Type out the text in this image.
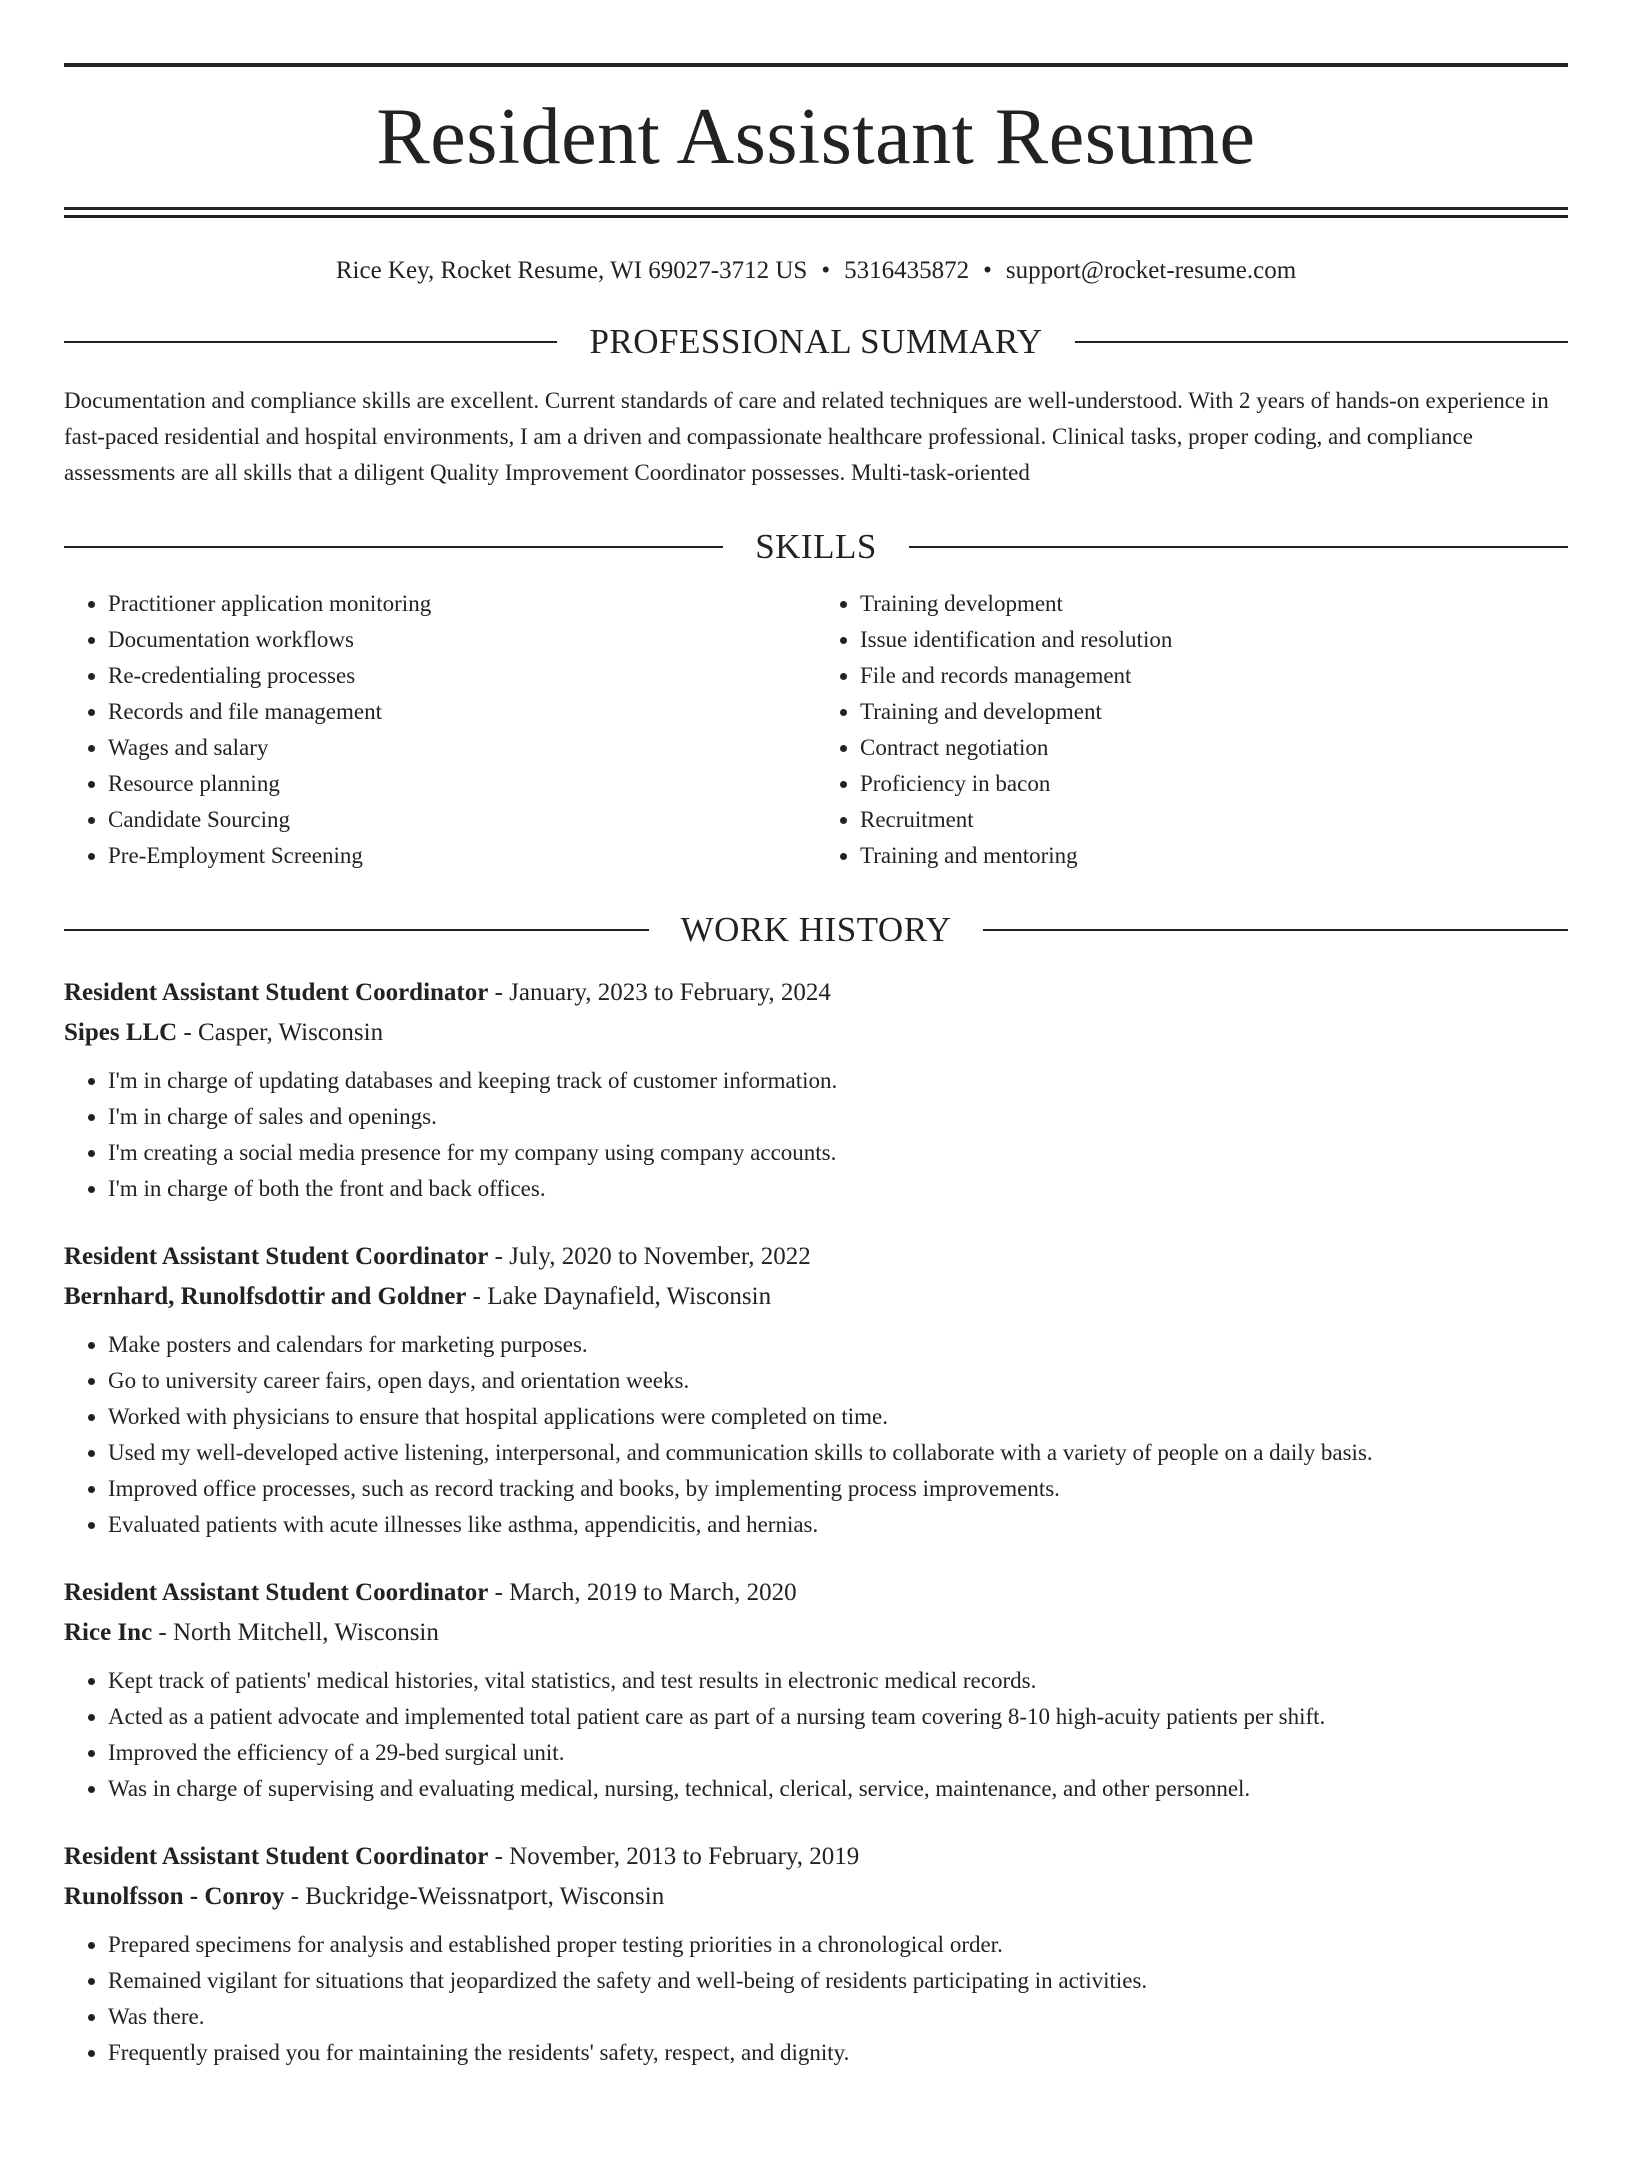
Resident Assistant Resume
Rice Key, Rocket Resume, WI 69027-3712 US • 5316435872 • support@rocket-resume.com
PROFESSIONAL SUMMARY
Documentation and compliance skills are excellent. Current standards of care and related techniques are well-understood. With 2 years of hands-on experience in fast-paced residential and hospital environments, I am a driven and compassionate healthcare professional. Clinical tasks, proper coding, and compliance assessments are all skills that a diligent Quality Improvement Coordinator possesses. Multi-task-oriented
SKILLS
• Practitioner application monitoring
• Documentation workflows
• Re-credentialing processes
• Records and file management
• Wages and salary
• Resource planning
• Candidate Sourcing
• Pre-Employment Screening
• Training development
• Issue identification and resolution
• File and records management
• Training and development
• Contract negotiation
• Proficiency in bacon
• Recruitment
• Training and mentoring
WORK HISTORY
Resident Assistant Student Coordinator - January, 2023 to February, 2024
Sipes LLC - Casper, Wisconsin
• I'm in charge of updating databases and keeping track of customer information.
• I'm in charge of sales and openings.
• I'm creating a social media presence for my company using company accounts.
• I'm in charge of both the front and back offices.
Resident Assistant Student Coordinator - July, 2020 to November, 2022
Bernhard, Runolfsdottir and Goldner - Lake Daynafield, Wisconsin
• Make posters and calendars for marketing purposes.
• Go to university career fairs, open days, and orientation weeks.
• Worked with physicians to ensure that hospital applications were completed on time.
• Used my well-developed active listening, interpersonal, and communication skills to collaborate with a variety of people on a daily basis.
• Improved office processes, such as record tracking and books, by implementing process improvements.
• Evaluated patients with acute illnesses like asthma, appendicitis, and hernias.
Resident Assistant Student Coordinator - March, 2019 to March, 2020
Rice Inc - North Mitchell, Wisconsin
• Kept track of patients' medical histories, vital statistics, and test results in electronic medical records.
• Acted as a patient advocate and implemented total patient care as part of a nursing team covering 8-10 high-acuity patients per shift.
• Improved the efficiency of a 29-bed surgical unit.
• Was in charge of supervising and evaluating medical, nursing, technical, clerical, service, maintenance, and other personnel.
Resident Assistant Student Coordinator - November, 2013 to February, 2019
Runolfsson - Conroy - Buckridge-Weissnatport, Wisconsin
• Prepared specimens for analysis and established proper testing priorities in a chronological order.
• Remained vigilant for situations that jeopardized the safety and well-being of residents participating in activities.
• Was there.
• Frequently praised you for maintaining the residents' safety, respect, and dignity.
